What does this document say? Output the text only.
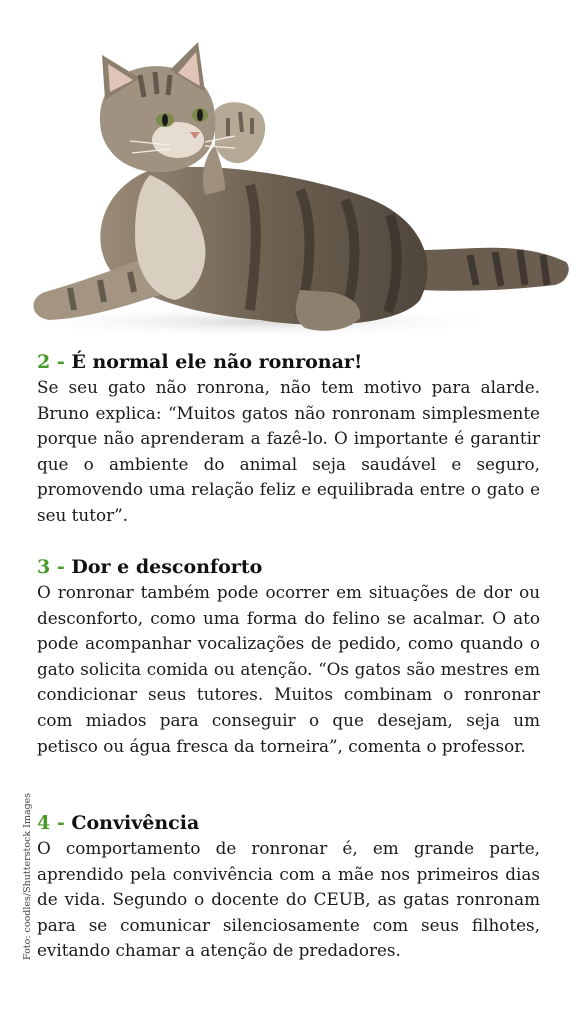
Foto: coodles/Shutterstock Images
2 - É normal ele não ronronar!
Se seu gato não ronrona, não tem motivo para alarde. Bruno explica: “Muitos gatos não ronronam simplesmente porque não aprenderam a fazê-lo. O importante é garantir que o ambiente do animal seja saudável e seguro, promovendo uma relação feliz e equilibrada entre o gato e seu tutor”.
3 - Dor e desconforto
O ronronar também pode ocorrer em situações de dor ou desconforto, como uma forma do felino se acalmar. O ato pode acompanhar vocalizações de pedido, como quando o gato solicita comida ou atenção. “Os gatos são mestres em condicionar seus tutores. Muitos combinam o ronronar com miados para conseguir o que desejam, seja um petisco ou água fresca da torneira”, comenta o professor.
4 - Convivência
O comportamento de ronronar é, em grande parte, aprendido pela convivência com a mãe nos primeiros dias de vida. Segundo o docente do CEUB, as gatas ronronam para se comunicar silenciosamente com seus filhotes, evitando chamar a atenção de predadores.
